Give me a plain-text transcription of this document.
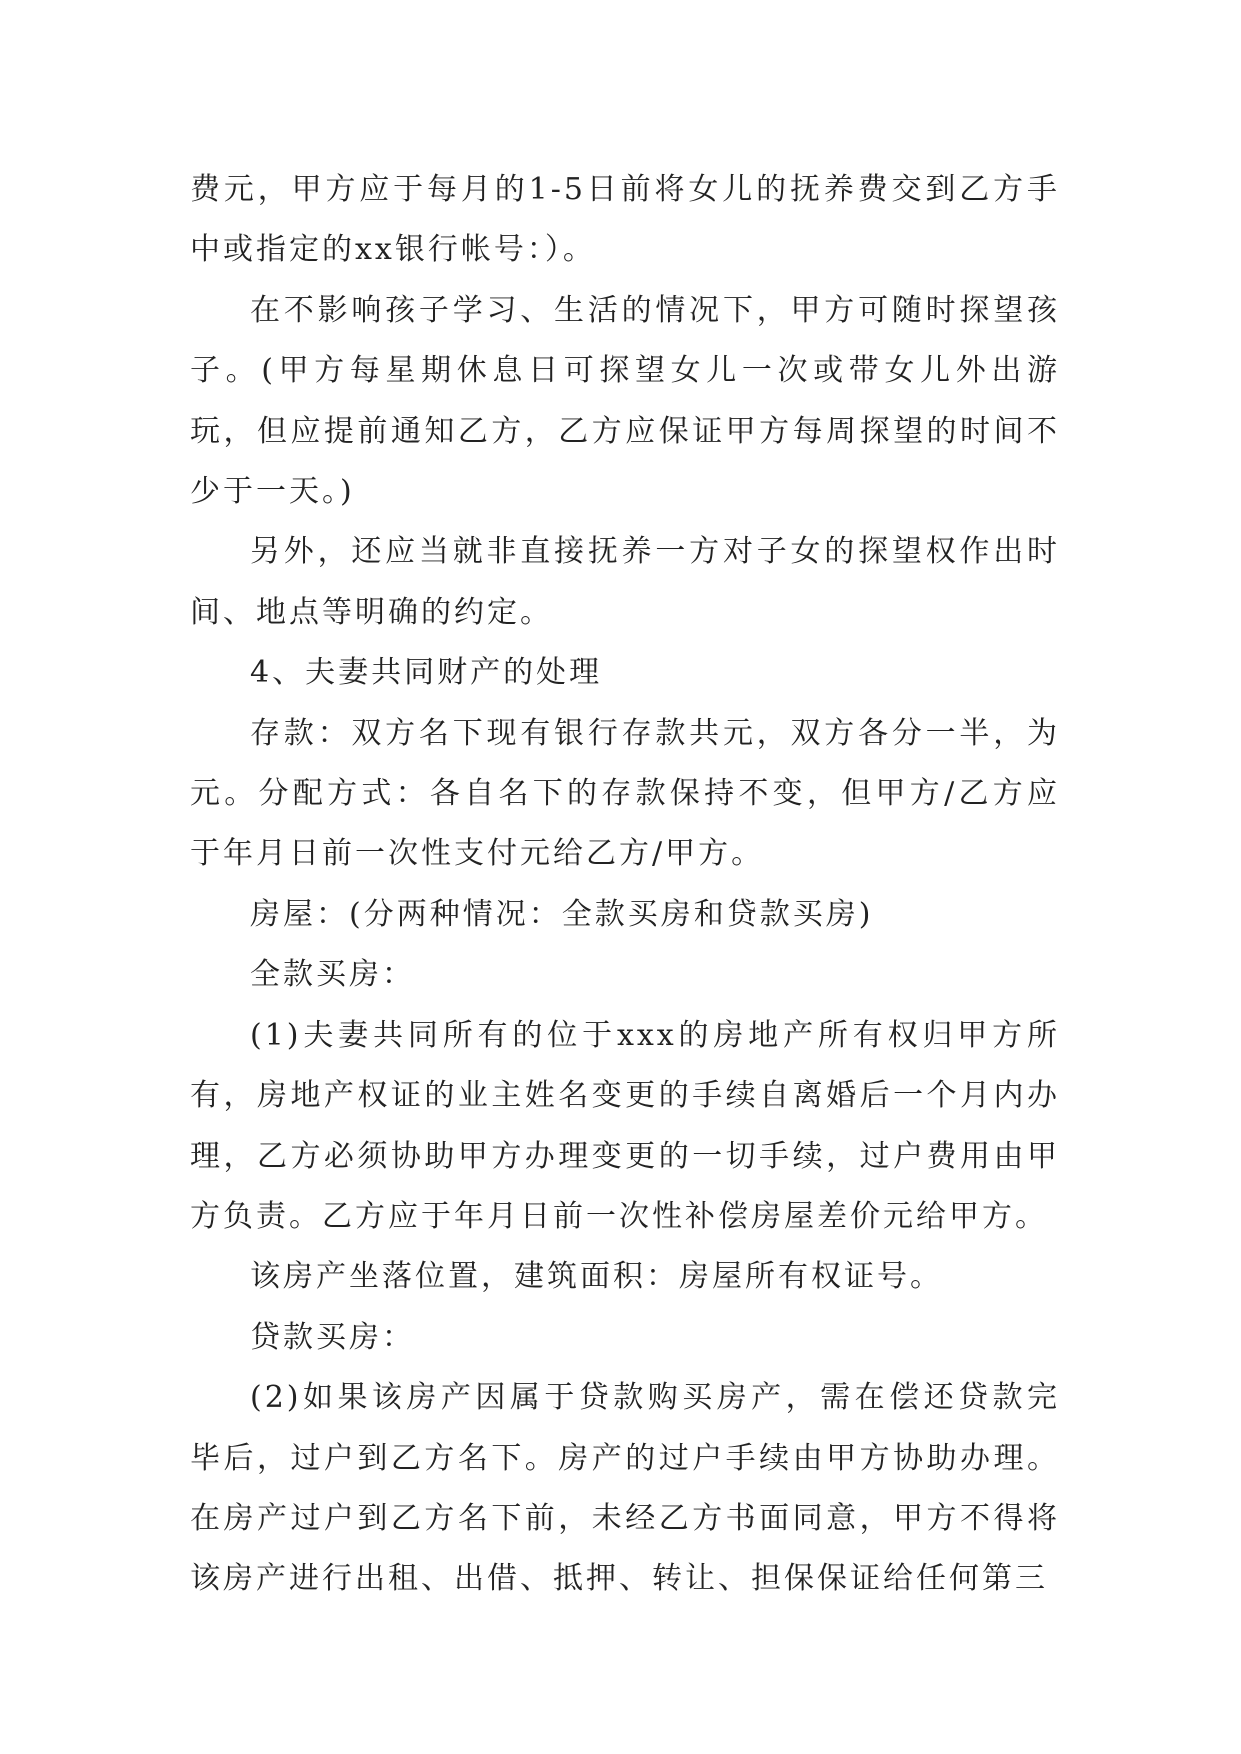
费元，甲方应于每月的1-5日前将女儿的抚养费交到乙方手中或指定的xx银行帐号：）。

在不影响孩子学习、生活的情况下，甲方可随时探望孩子。(甲方每星期休息日可探望女儿一次或带女儿外出游玩，但应提前通知乙方，乙方应保证甲方每周探望的时间不少于一天。)

另外，还应当就非直接抚养一方对子女的探望权作出时间、地点等明确的约定。

4、夫妻共同财产的处理

存款：双方名下现有银行存款共元，双方各分一半，为元。分配方式：各自名下的存款保持不变，但甲方/乙方应于年月日前一次性支付元给乙方/甲方。

房屋：(分两种情况：全款买房和贷款买房)

全款买房：

(1)夫妻共同所有的位于xxx的房地产所有权归甲方所有，房地产权证的业主姓名变更的手续自离婚后一个月内办理，乙方必须协助甲方办理变更的一切手续，过户费用由甲方负责。乙方应于年月日前一次性补偿房屋差价元给甲方。

该房产坐落位置，建筑面积：房屋所有权证号。

贷款买房：

(2)如果该房产因属于贷款购买房产，需在偿还贷款完毕后，过户到乙方名下。房产的过户手续由甲方协助办理。在房产过户到乙方名下前，未经乙方书面同意，甲方不得将该房产进行出租、出借、抵押、转让、担保保证给任何第三
